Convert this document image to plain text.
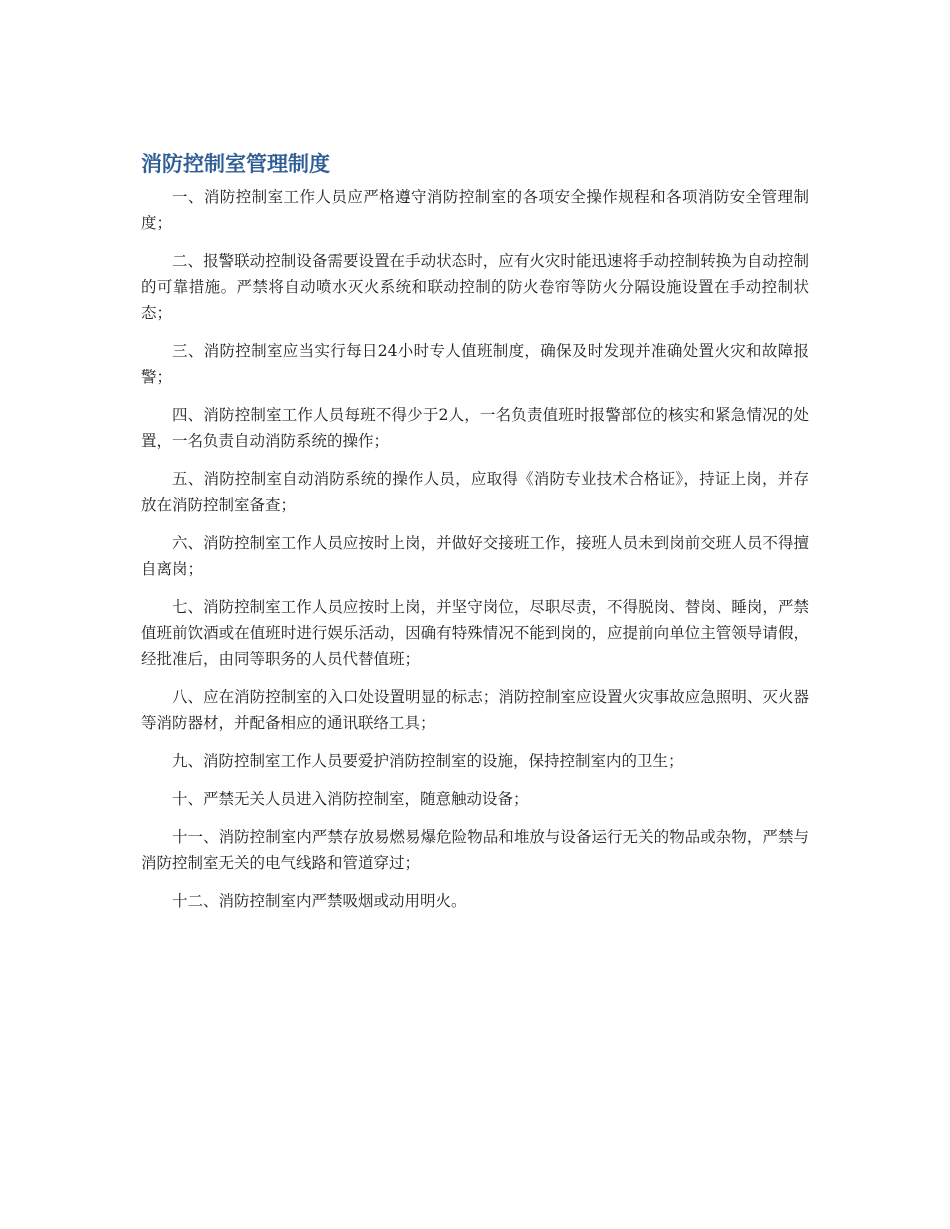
消防控制室管理制度

一、消防控制室工作人员应严格遵守消防控制室的各项安全操作规程和各项消防安全管理制度；

二、报警联动控制设备需要设置在手动状态时，应有火灾时能迅速将手动控制转换为自动控制的可靠措施。严禁将自动喷水灭火系统和联动控制的防火卷帘等防火分隔设施设置在手动控制状态；

三、消防控制室应当实行每日24小时专人值班制度，确保及时发现并准确处置火灾和故障报警；

四、消防控制室工作人员每班不得少于2人，一名负责值班时报警部位的核实和紧急情况的处置，一名负责自动消防系统的操作；

五、消防控制室自动消防系统的操作人员，应取得《消防专业技术合格证》，持证上岗，并存放在消防控制室备查；

六、消防控制室工作人员应按时上岗，并做好交接班工作，接班人员未到岗前交班人员不得擅自离岗；

七、消防控制室工作人员应按时上岗，并坚守岗位，尽职尽责，不得脱岗、替岗、睡岗，严禁值班前饮酒或在值班时进行娱乐活动，因确有特殊情况不能到岗的，应提前向单位主管领导请假，经批准后，由同等职务的人员代替值班；

八、应在消防控制室的入口处设置明显的标志；消防控制室应设置火灾事故应急照明、灭火器等消防器材，并配备相应的通讯联络工具；

九、消防控制室工作人员要爱护消防控制室的设施，保持控制室内的卫生；

十、严禁无关人员进入消防控制室，随意触动设备；

十一、消防控制室内严禁存放易燃易爆危险物品和堆放与设备运行无关的物品或杂物，严禁与消防控制室无关的电气线路和管道穿过；

十二、消防控制室内严禁吸烟或动用明火。
